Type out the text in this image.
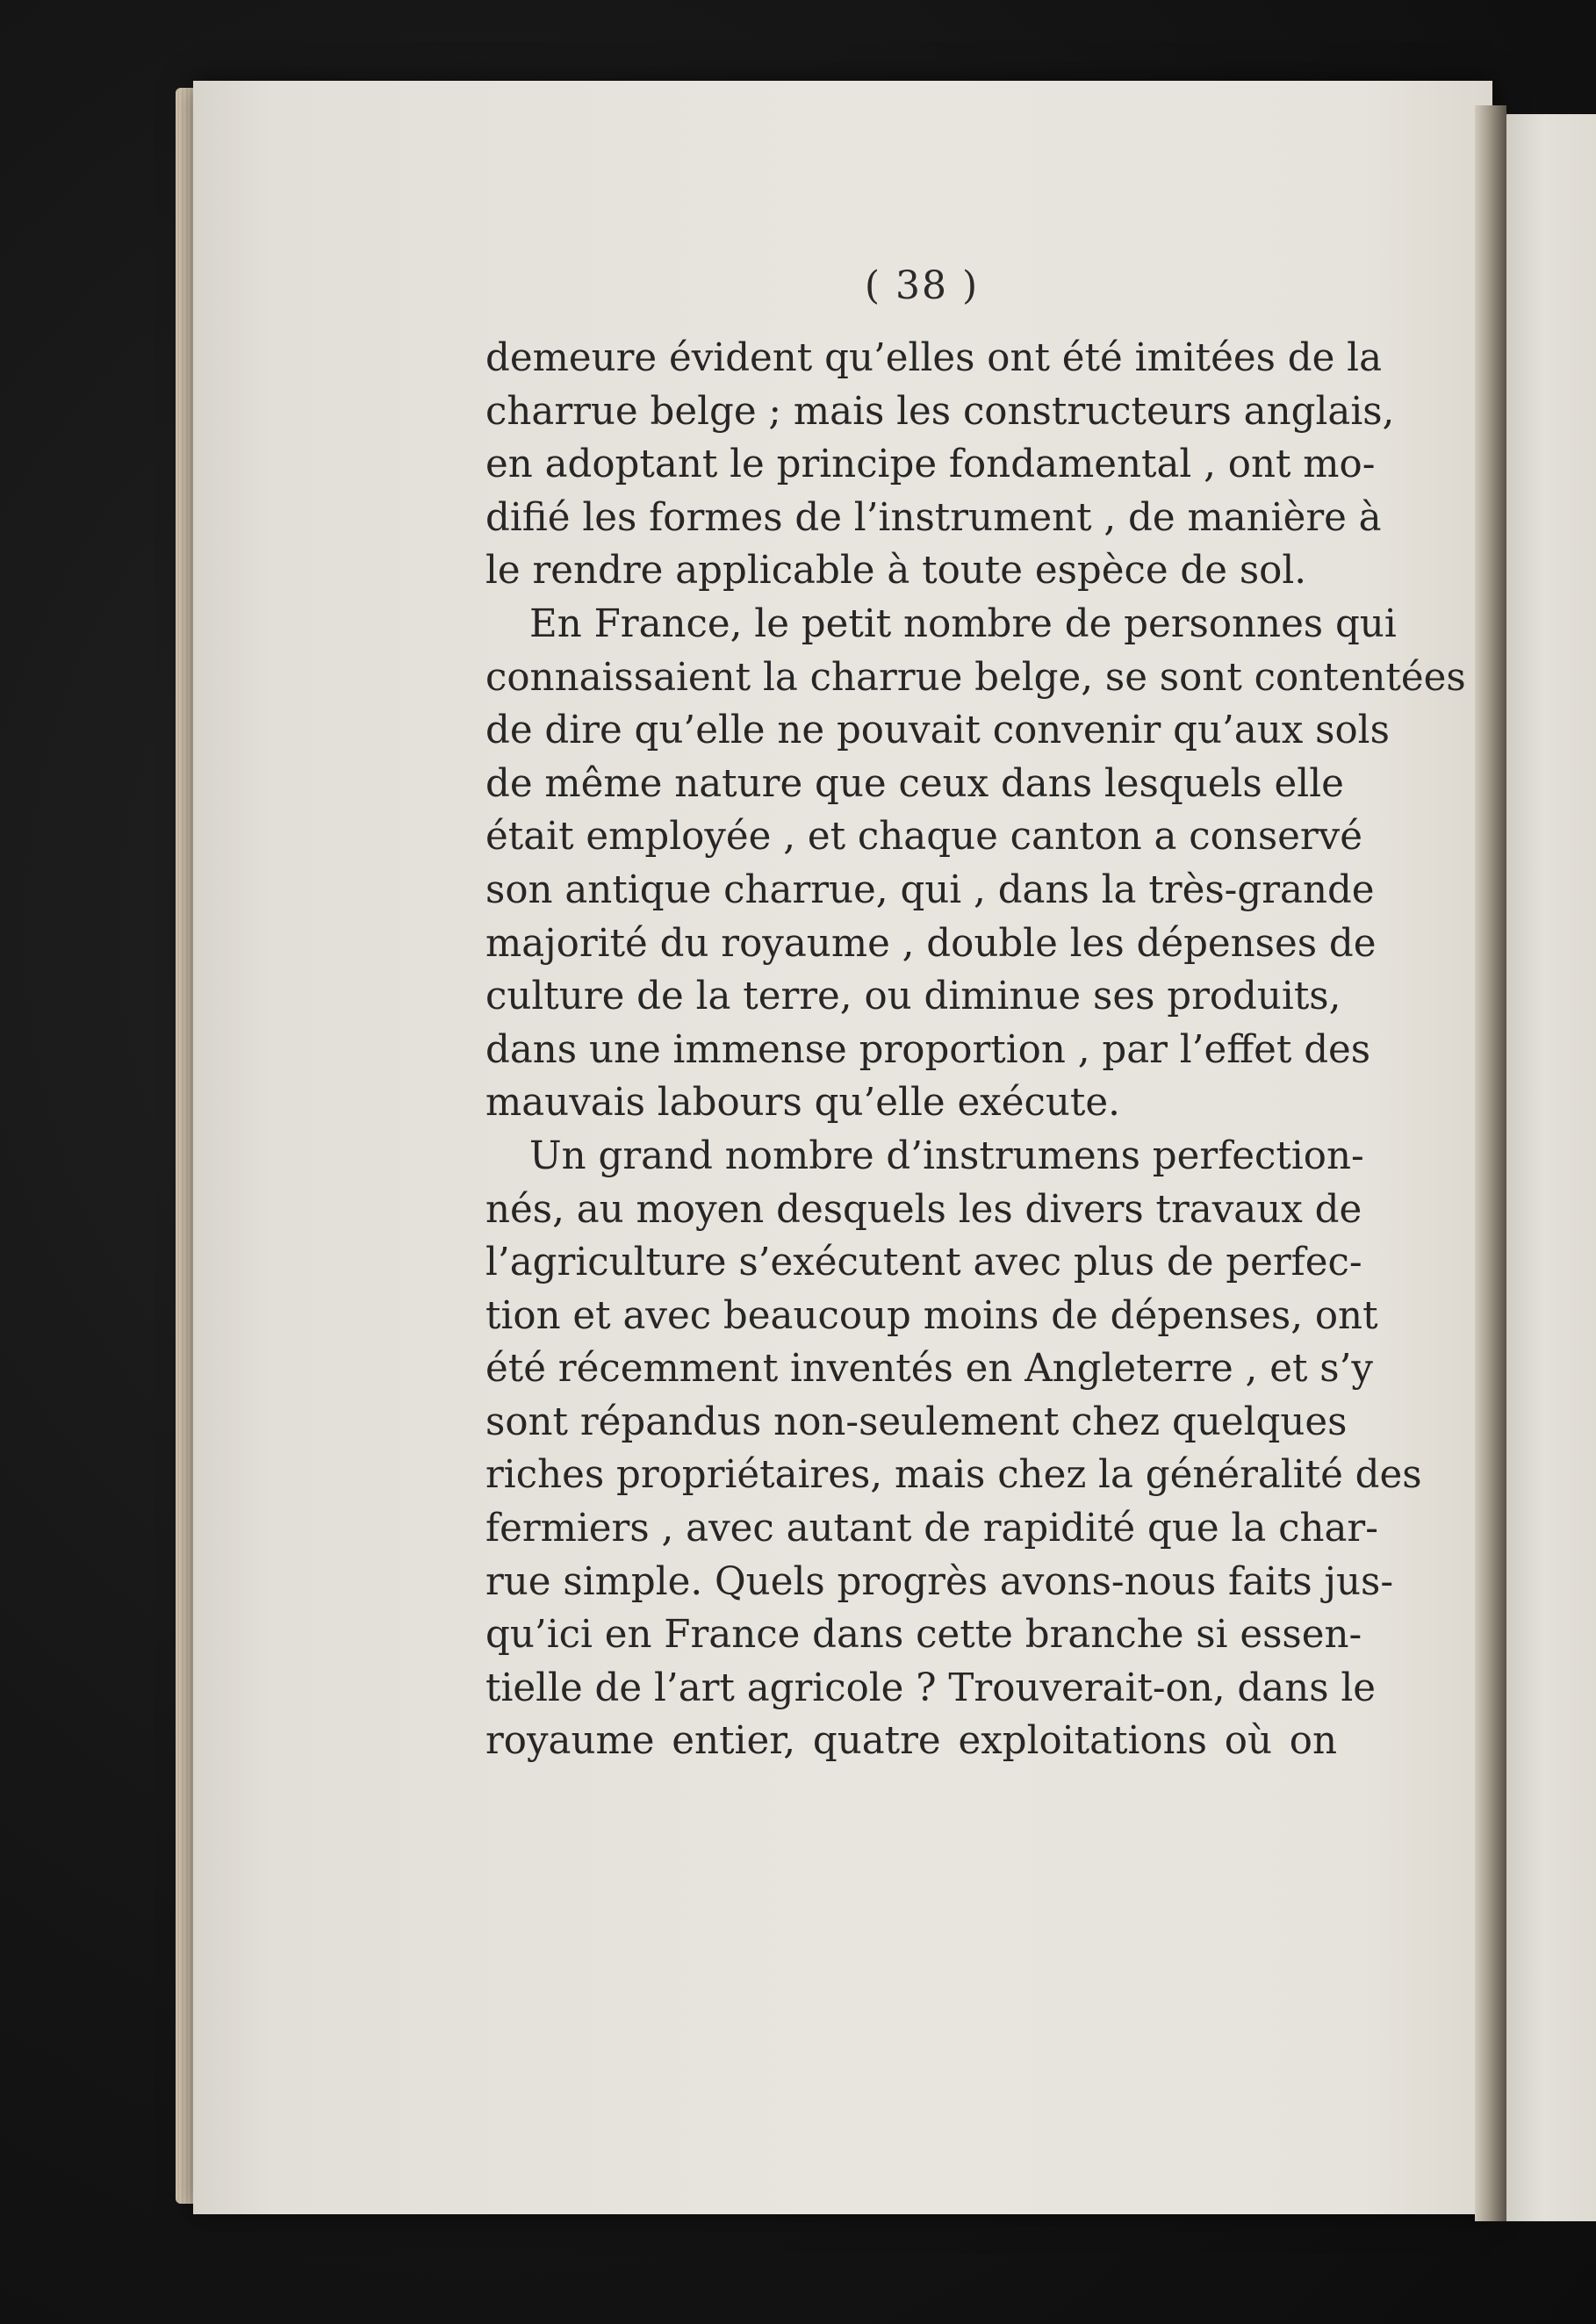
( 38 )
demeure évident qu’elles ont été imitées de la
charrue belge ; mais les constructeurs anglais,
en adoptant le principe fondamental , ont mo-
difié les formes de l’instrument , de manière à
le rendre applicable à toute espèce de sol.
En France, le petit nombre de personnes qui
connaissaient la charrue belge, se sont contentées
de dire qu’elle ne pouvait convenir qu’aux sols
de même nature que ceux dans lesquels elle
était employée , et chaque canton a conservé
son antique charrue, qui , dans la très-grande
majorité du royaume , double les dépenses de
culture de la terre, ou diminue ses produits,
dans une immense proportion , par l’effet des
mauvais labours qu’elle exécute.
Un grand nombre d’instrumens perfection-
nés, au moyen desquels les divers travaux de
l’agriculture s’exécutent avec plus de perfec-
tion et avec beaucoup moins de dépenses, ont
été récemment inventés en Angleterre , et s’y
sont répandus non-seulement chez quelques
riches propriétaires, mais chez la généralité des
fermiers , avec autant de rapidité que la char-
rue simple. Quels progrès avons-nous faits jus-
qu’ici en France dans cette branche si essen-
tielle de l’art agricole ? Trouverait-on, dans le
royaume entier, quatre exploitations où on
